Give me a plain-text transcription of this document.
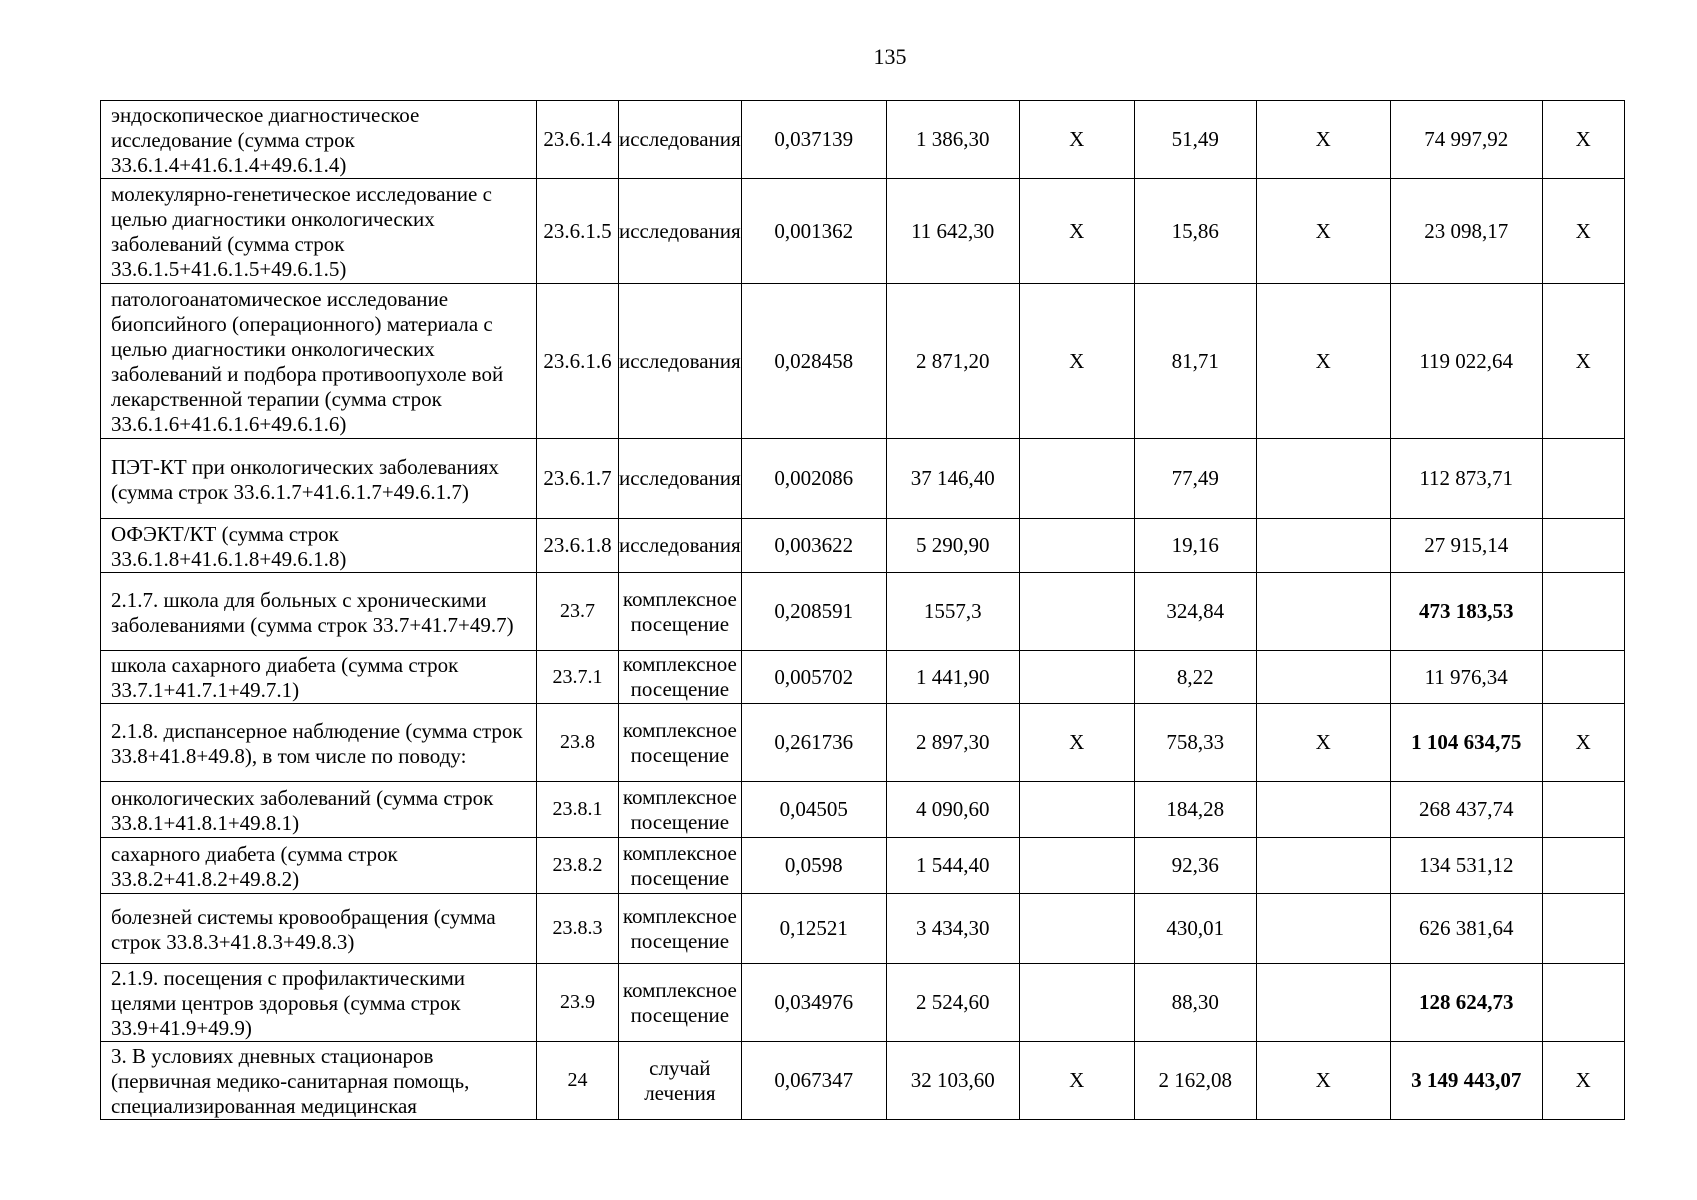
135
эндоскопическое диагностическое исследование (сумма строк 33.6.1.4+41.6.1.4+49.6.1.4)	23.6.1.4	исследования	0,037139	1 386,30	X	51,49	X	74 997,92	X
молекулярно-генетическое исследование с целью диагностики онкологических заболеваний (сумма строк 33.6.1.5+41.6.1.5+49.6.1.5)	23.6.1.5	исследования	0,001362	11 642,30	X	15,86	X	23 098,17	X
патологоанатомическое исследование биопсийного (операционного) материала с целью диагностики онкологических заболеваний и подбора противоопухоле вой лекарственной терапии (сумма строк 33.6.1.6+41.6.1.6+49.6.1.6)	23.6.1.6	исследования	0,028458	2 871,20	X	81,71	X	119 022,64	X
ПЭТ-КТ при онкологических заболеваниях (сумма строк 33.6.1.7+41.6.1.7+49.6.1.7)	23.6.1.7	исследования	0,002086	37 146,40		77,49		112 873,71	
ОФЭКТ/КТ (сумма строк 33.6.1.8+41.6.1.8+49.6.1.8)	23.6.1.8	исследования	0,003622	5 290,90		19,16		27 915,14	
2.1.7. школа для больных с хроническими заболеваниями (сумма строк 33.7+41.7+49.7)	23.7	комплексное посещение	0,208591	1557,3		324,84		473 183,53	
школа сахарного диабета (сумма строк 33.7.1+41.7.1+49.7.1)	23.7.1	комплексное посещение	0,005702	1 441,90		8,22		11 976,34	
2.1.8. диспансерное наблюдение (сумма строк 33.8+41.8+49.8), в том числе по поводу:	23.8	комплексное посещение	0,261736	2 897,30	X	758,33	X	1 104 634,75	X
онкологических заболеваний (сумма строк 33.8.1+41.8.1+49.8.1)	23.8.1	комплексное посещение	0,04505	4 090,60		184,28		268 437,74	
сахарного диабета (сумма строк 33.8.2+41.8.2+49.8.2)	23.8.2	комплексное посещение	0,0598	1 544,40		92,36		134 531,12	
болезней системы кровообращения (сумма строк 33.8.3+41.8.3+49.8.3)	23.8.3	комплексное посещение	0,12521	3 434,30		430,01		626 381,64	
2.1.9. посещения с профилактическими целями центров здоровья (сумма строк 33.9+41.9+49.9)	23.9	комплексное посещение	0,034976	2 524,60		88,30		128 624,73	
3. В условиях дневных стационаров (первичная медико-санитарная помощь, специализированная медицинская	24	случай лечения	0,067347	32 103,60	X	2 162,08	X	3 149 443,07	X
